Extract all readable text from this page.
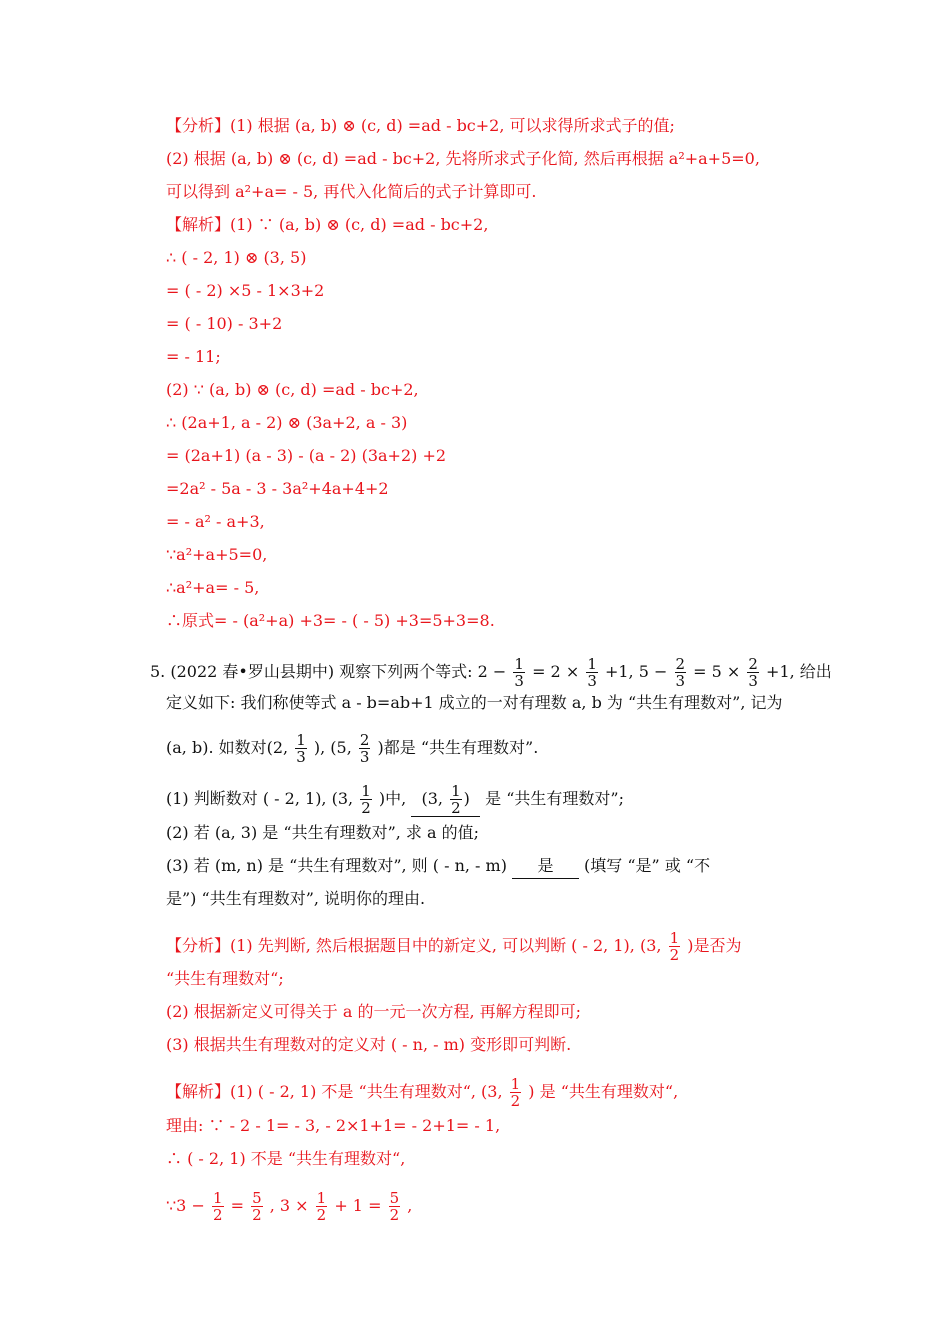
【分析】(1) 根据 (a, b) ⊗ (c, d) =ad - bc+2, 可以求得所求式子的值;
(2) 根据 (a, b) ⊗ (c, d) =ad - bc+2, 先将所求式子化简, 然后再根据 a²+a+5=0,
可以得到 a²+a= - 5, 再代入化简后的式子计算即可.
【解析】(1) ∵ (a, b) ⊗ (c, d) =ad - bc+2,
∴ ( - 2, 1) ⊗ (3, 5)
= ( - 2) ×5 - 1×3+2
= ( - 10) - 3+2
= - 11;
(2) ∵ (a, b) ⊗ (c, d) =ad - bc+2,
∴ (2a+1, a - 2) ⊗ (3a+2, a - 3)
= (2a+1) (a - 3) - (a - 2) (3a+2) +2
=2a² - 5a - 3 - 3a²+4a+4+2
= - a² - a+3,
∵a²+a+5=0,
∴a²+a= - 5,
∴原式= - (a²+a) +3= - ( - 5) +3=5+3=8.
5. (2022 春•罗山县期中) 观察下列两个等式: $2 - \frac{1}{3} = 2 \times \frac{1}{3} +1$, $5 - \frac{2}{3} = 5 \times \frac{2}{3} +1$, 给出
定义如下: 我们称使等式 a - b=ab+1 成立的一对有理数 a, b 为 “共生有理数对”, 记为
(a, b). 如数对(2, $\frac{1}{3}$ ), (5, $\frac{2}{3}$ )都是 “共生有理数对”.
(1) 判断数对 ( - 2, 1), (3, $\frac{1}{2}$ )中, (3, $\frac{1}{2}$ ) 是 “共生有理数对”;
(2) 若 (a, 3) 是 “共生有理数对”, 求 a 的值;
(3) 若 (m, n) 是 “共生有理数对”, 则 ( - n, - m) 是 (填写 “是” 或 “不
是”) “共生有理数对”, 说明你的理由.
【分析】(1) 先判断, 然后根据题目中的新定义, 可以判断 ( - 2, 1), (3, $\frac{1}{2}$ )是否为
“共生有理数对“;
(2) 根据新定义可得关于 a 的一元一次方程, 再解方程即可;
(3) 根据共生有理数对的定义对 ( - n, - m) 变形即可判断.
【解析】(1) ( - 2, 1) 不是 “共生有理数对“, (3, $\frac{1}{2}$ ) 是 “共生有理数对“,
理由: ∵ - 2 - 1= - 3, - 2×1+1= - 2+1= - 1,
∴ ( - 2, 1) 不是 “共生有理数对“,
∵3 − $\frac{1}{2} = \frac{5}{2}$ , $3 \times \frac{1}{2} + 1 = \frac{5}{2}$ ,
